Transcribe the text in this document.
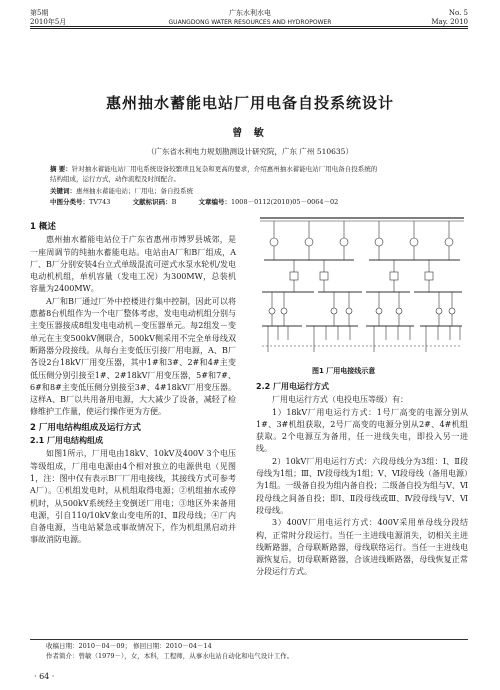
第5期
2010年5月
广东水利水电
GUANGDONG WATER RESOURCES AND HYDROPOWER
No. 5
May. 2010
惠州抽水蓄能电站厂用电备自投系统设计
曾 敏
（广东省水利电力规划勘测设计研究院，广东 广州 510635）
摘 要：针对抽水蓄能电站厂用电系统设备较繁琐且复杂和更高的要求，介绍惠州抽水蓄能电站厂用电备自投系统的
结构组成，运行方式，动作流程及时间配合。
关键词：惠州抽水蓄能电站；厂用电；备自投系统
中图分类号：TV743	文献标识码：B	文章编号：1008－0112(2010)05－0064－02
1 概述

惠州抽水蓄能电站位于广东省惠州市博罗县城郊，是一座周调节的纯抽水蓄能电站。电站由A厂和B厂组成，A厂、B厂分别安装4台立式单级混流可逆式水泵水轮机/发电电动机机组，单机容量（发电工况）为300MW，总装机容量为2400MW。

A厂和B厂通过厂外中控楼进行集中控制，因此可以将惠蓄8台机组作为一个电厂整体考虑，发电电动机组分别与主变压器接成8组发电电动机－变压器单元。每2组发－变单元在主变500kV侧联合，500kV侧采用不完全单母线双断路器分段接线。从每台主变低压引接厂用电源，A、B厂各设2台18kV厂用变压器，其中1#和3#、2#和4#主变低压侧分别引接至1#、2#18kV厂用变压器，5#和7#、6#和8#主变低压侧分别接至3#、4#18kV厂用变压器。这样A、B厂以共用备用电源，大大减少了设备，减轻了检修维护工作量，使运行操作更为方便。

2 厂用电结构组成及运行方式
2.1 厂用电结构组成

如图1所示，厂用电由18kV、10kV及400V 3个电压等级组成，厂用电电源由4个相对独立的电源供电（见图1，注：图中仅有表示B厂厂用电接线，其接线方式可参考A厂）。①机组发电时，从机组取得电源；②机组抽水或停机时，从500kV系统经主变倒送厂用电；③地区外来备用电源，引自110/10kV象山变电所的Ⅰ、Ⅱ段母线；④厂内自备电源，当电站紧急或事故情况下，作为机组黑启动并事故消防电源。

图1 厂用电接线示意
2.2 厂用电运行方式

厂用电运行方式（电投电压等级）有：

1）18kV厂用电运行方式：1号厂高变的电源分别从1#、3#机组获取，2号厂高变的电源分别从2#、4#机组获取。2个电源互为备用，任一进线失电，即投入另一进线。

2）10kV厂用电运行方式：六段母线分为3组：Ⅰ、Ⅱ段母线为1组；Ⅲ、Ⅳ段母线为1组；Ⅴ、Ⅵ段母线（备用电源）为1组。一级备自投为组内备自投；二级备自投为组与Ⅴ、Ⅵ段母线之间备自投；即Ⅰ、Ⅱ段母线或Ⅲ、Ⅳ段母线与Ⅴ、Ⅵ段母线。

3）400V厂用电运行方式：400V采用单母线分段结构，正常时分段运行。当任一主进线电源消失，切相关主进线断路器，合母联断路器，母线联络运行。当任一主进线电源恢复后，切母联断路器，合该进线断路器，母线恢复正常分段运行方式。

收稿日期：2010－04－09； 修回日期：2010－04－14
作者简介：曾敏（1979－），女，本科，工程师，从事水电站自动化和电气设计工作。
· 64 ·
